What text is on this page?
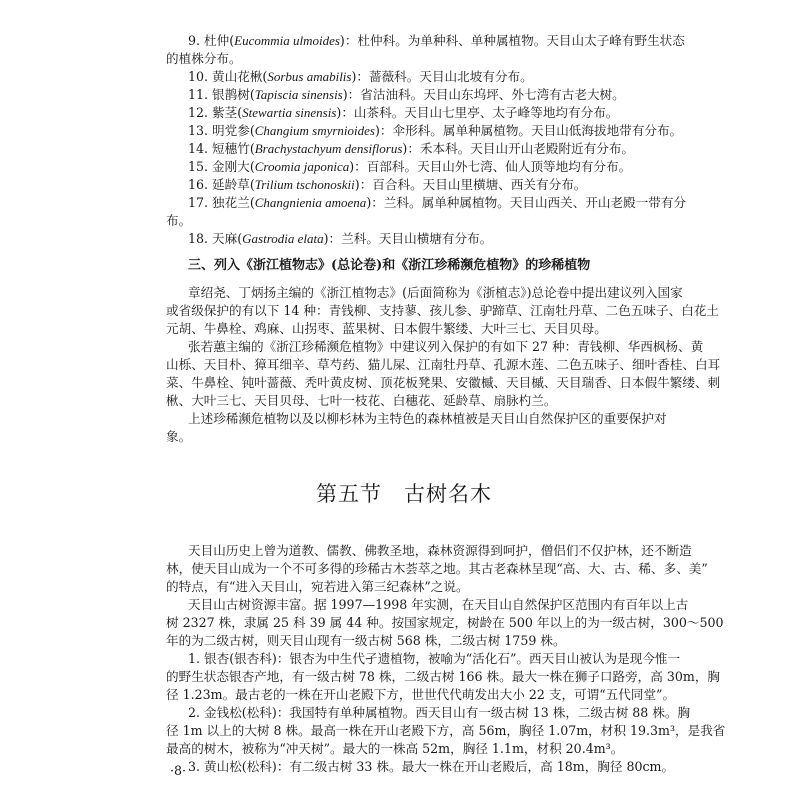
9. 杜仲(Eucommia ulmoides)：杜仲科。为单种科、单种属植物。天目山太子峰有野生状态
的植株分布。
10. 黄山花楸(Sorbus amabilis)：蔷薇科。天目山北坡有分布。
11. 银鹊树(Tapiscia sinensis)：省沽油科。天目山东坞坪、外七湾有古老大树。
12. 紫茎(Stewartia sinensis)：山茶科。天目山七里亭、太子峰等地均有分布。
13. 明党参(Changium smyrnioides)：伞形科。属单种属植物。天目山低海拔地带有分布。
14. 短穗竹(Brachystachyum densiflorus)：禾本科。天目山开山老殿附近有分布。
15. 金刚大(Croomia japonica)：百部科。天目山外七湾、仙人顶等地均有分布。
16. 延龄草(Trilium tschonoskii)：百合科。天目山里横塘、西关有分布。
17. 独花兰(Changnienia amoena)：兰科。属单种属植物。天目山西关、开山老殿一带有分
布。
18. 天麻(Gastrodia elata)：兰科。天目山横塘有分布。
三、列入《浙江植物志》(总论卷)和《浙江珍稀濒危植物》的珍稀植物
章绍尧、丁炳扬主编的《浙江植物志》(后面简称为《浙植志》)总论卷中提出建议列入国家
或省级保护的有以下 14 种：青钱柳、支持蓼、孩儿参、驴蹄草、江南牡丹草、二色五味子、白花土
元胡、牛鼻栓、鸡麻、山拐枣、蓝果树、日本假牛繁缕、大叶三七、天目贝母。
张若蕙主编的《浙江珍稀濒危植物》中建议列入保护的有如下 27 种：青钱柳、华西枫杨、黄
山栎、天目朴、獐耳细辛、草芍药、猫儿屎、江南牡丹草、孔源木莲、二色五味子、细叶香桂、白耳
菜、牛鼻栓、钝叶蔷薇、秃叶黄皮树、顶花板凳果、安徽槭、天目槭、天目瑞香、日本假牛繁缕、刺
楸、大叶三七、天目贝母、七叶一枝花、白穗花、延龄草、扇脉杓兰。
上述珍稀濒危植物以及以柳杉林为主特色的森林植被是天目山自然保护区的重要保护对
象。
第五节　古树名木
天目山历史上曾为道教、儒教、佛教圣地，森林资源得到呵护，僧侣们不仅护林，还不断造
林，使天目山成为一个不可多得的珍稀古木荟萃之地。其古老森林呈现“高、大、古、稀、多、美”
的特点，有“进入天目山，宛若进入第三纪森林”之说。
天目山古树资源丰富。据 1997—1998 年实测，在天目山自然保护区范围内有百年以上古
树 2327 株，隶属 25 科 39 属 44 种。按国家规定，树龄在 500 年以上的为一级古树，300～500
年的为二级古树，则天目山现有一级古树 568 株，二级古树 1759 株。
1. 银杏(银杏科)：银杏为中生代孑遗植物，被喻为“活化石”。西天目山被认为是现今惟一
的野生状态银杏产地，有一级古树 78 株，二级古树 166 株。最大一株在狮子口路旁，高 30m，胸
径 1.23m。最古老的一株在开山老殿下方，世世代代萌发出大小 22 支，可谓“五代同堂”。
2. 金钱松(松科)：我国特有单种属植物。西天目山有一级古树 13 株，二级古树 88 株。胸
径 1m 以上的大树 8 株。最高一株在开山老殿下方，高 56m，胸径 1.07m，材积 19.3m³，是我省
最高的树木，被称为“冲天树”。最大的一株高 52m，胸径 1.1m，材积 20.4m³。
3. 黄山松(松科)：有二级古树 33 株。最大一株在开山老殿后，高 18m，胸径 80cm。
·8·
